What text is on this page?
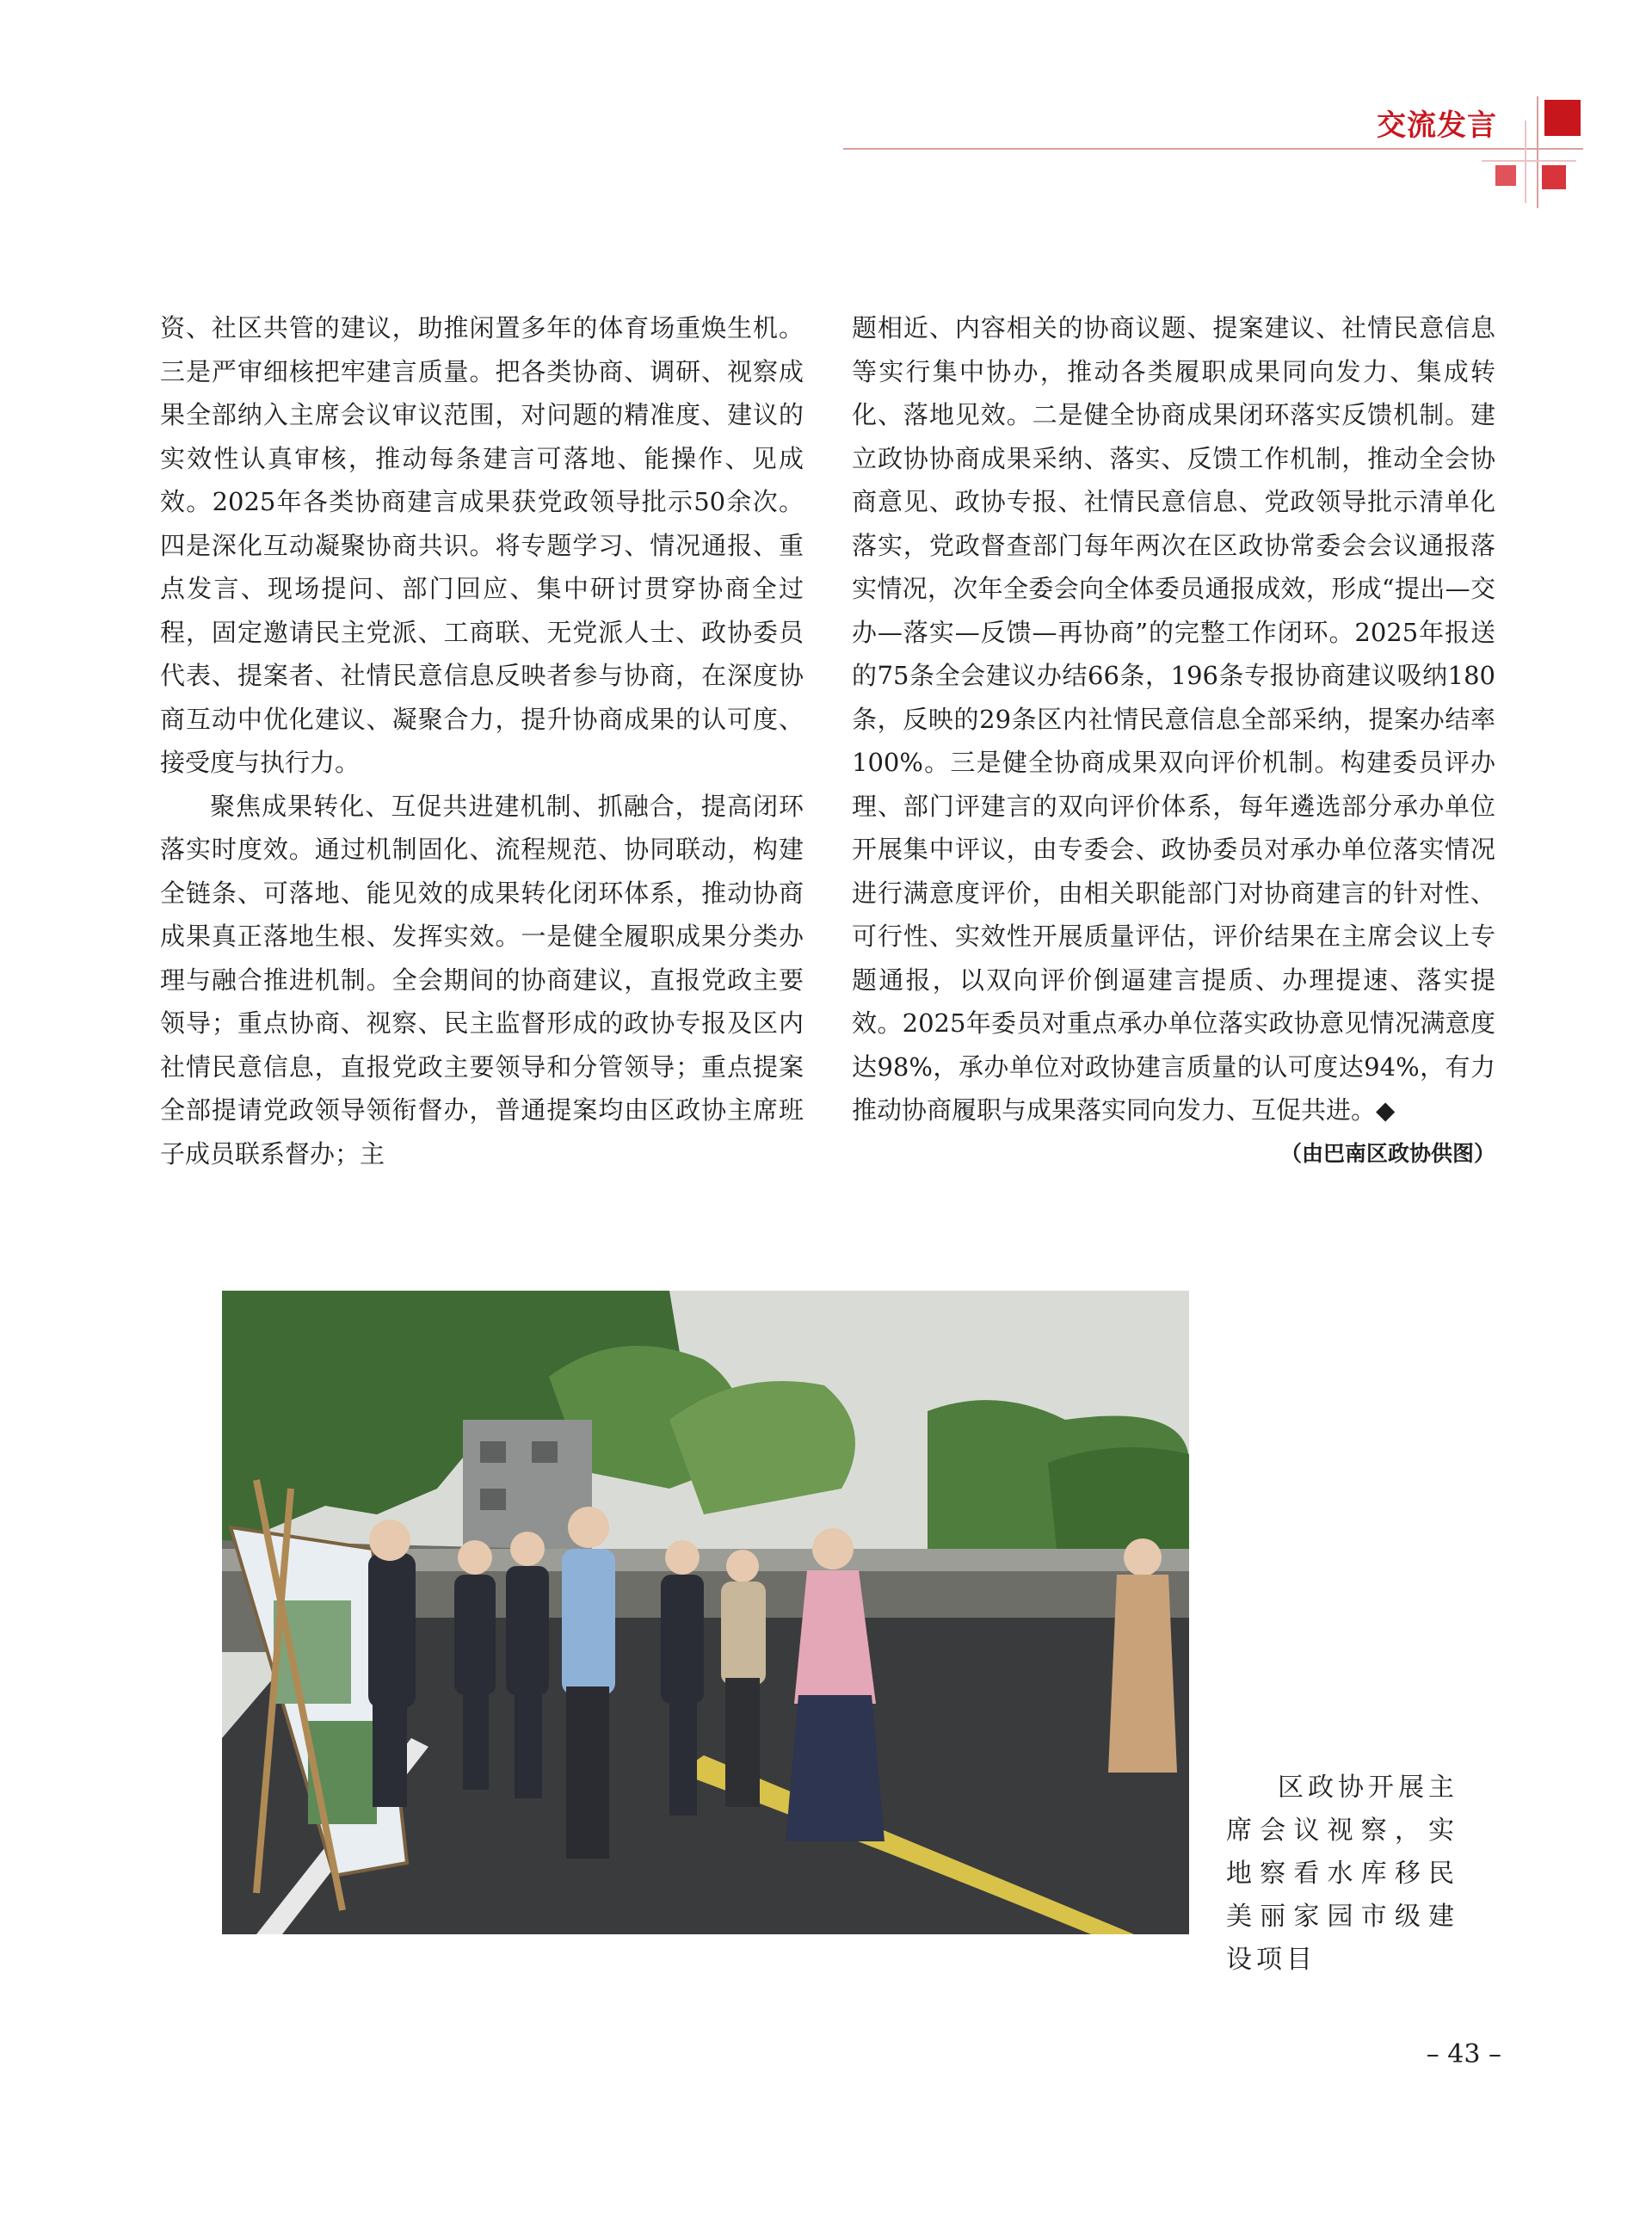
交流发言

资、社区共管的建议，助推闲置多年的体育场重焕生机。三是严审细核把牢建言质量。把各类协商、调研、视察成果全部纳入主席会议审议范围，对问题的精准度、建议的实效性认真审核，推动每条建言可落地、能操作、见成效。2025年各类协商建言成果获党政领导批示50余次。四是深化互动凝聚协商共识。将专题学习、情况通报、重点发言、现场提问、部门回应、集中研讨贯穿协商全过程，固定邀请民主党派、工商联、无党派人士、政协委员代表、提案者、社情民意信息反映者参与协商，在深度协商互动中优化建议、凝聚合力，提升协商成果的认可度、接受度与执行力。

聚焦成果转化、互促共进建机制、抓融合，提高闭环落实时度效。通过机制固化、流程规范、协同联动，构建全链条、可落地、能见效的成果转化闭环体系，推动协商成果真正落地生根、发挥实效。一是健全履职成果分类办理与融合推进机制。全会期间的协商建议，直报党政主要领导；重点协商、视察、民主监督形成的政协专报及区内社情民意信息，直报党政主要领导和分管领导；重点提案全部提请党政领导领衔督办，普通提案均由区政协主席班子成员联系督办；主

题相近、内容相关的协商议题、提案建议、社情民意信息等实行集中协办，推动各类履职成果同向发力、集成转化、落地见效。二是健全协商成果闭环落实反馈机制。建立政协协商成果采纳、落实、反馈工作机制，推动全会协商意见、政协专报、社情民意信息、党政领导批示清单化落实，党政督查部门每年两次在区政协常委会会议通报落实情况，次年全委会向全体委员通报成效，形成“提出—交办—落实—反馈—再协商”的完整工作闭环。2025年报送的75条全会建议办结66条，196条专报协商建议吸纳180条，反映的29条区内社情民意信息全部采纳，提案办结率100%。三是健全协商成果双向评价机制。构建委员评办理、部门评建言的双向评价体系，每年遴选部分承办单位开展集中评议，由专委会、政协委员对承办单位落实情况进行满意度评价，由相关职能部门对协商建言的针对性、可行性、实效性开展质量评估，评价结果在主席会议上专题通报，以双向评价倒逼建言提质、办理提速、落实提效。2025年委员对重点承办单位落实政协意见情况满意度达98%，承办单位对政协建言质量的认可度达94%，有力推动协商履职与成果落实同向发力、互促共进。◆
（由巴南区政协供图）

区政协开展主席会议视察，实地察看水库移民美丽家园市级建设项目

– 43 –
